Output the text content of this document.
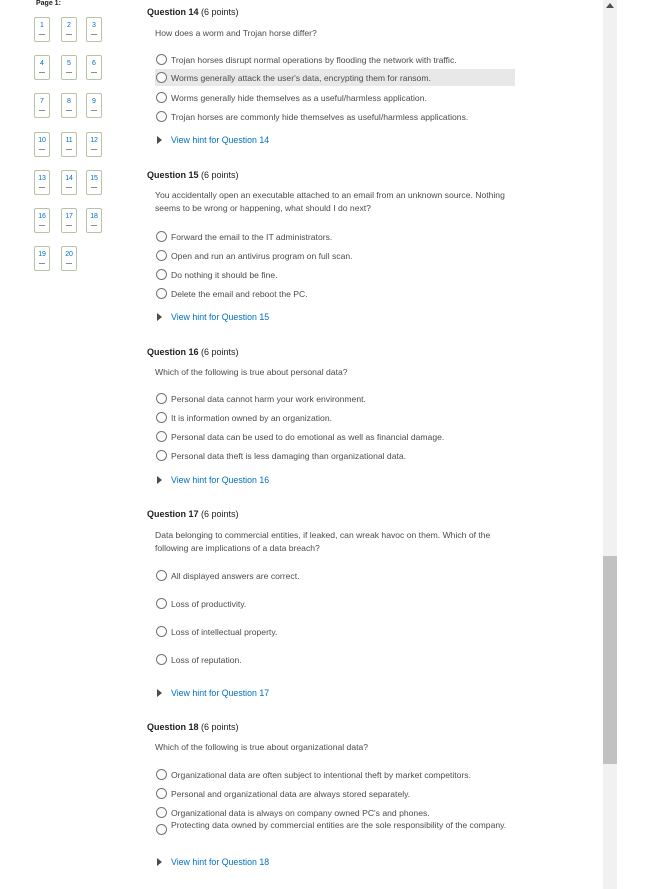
Page 1:
1	2	3
4	5	6
7	8	9
10	11	12
13	14	15
16	17	18
19	20
Question 14 (6 points)
How does a worm and Trojan horse differ?
Trojan horses disrupt normal operations by flooding the network with traffic.
Worms generally attack the user's data, encrypting them for ransom.
Worms generally hide themselves as a useful/harmless application.
Trojan horses are commonly hide themselves as useful/harmless applications.
View hint for Question 14
Question 15 (6 points)
You accidentally open an executable attached to an email from an unknown source. Nothing seems to be wrong or happening, what should I do next?
Forward the email to the IT administrators.
Open and run an antivirus program on full scan.
Do nothing it should be fine.
Delete the email and reboot the PC.
View hint for Question 15
Question 16 (6 points)
Which of the following is true about personal data?
Personal data cannot harm your work environment.
It is information owned by an organization.
Personal data can be used to do emotional as well as financial damage.
Personal data theft is less damaging than organizational data.
View hint for Question 16
Question 17 (6 points)
Data belonging to commercial entities, if leaked, can wreak havoc on them. Which of the following are implications of a data breach?
All displayed answers are correct.
Loss of productivity.
Loss of intellectual property.
Loss of reputation.
View hint for Question 17
Question 18 (6 points)
Which of the following is true about organizational data?
Organizational data are often subject to intentional theft by market competitors.
Personal and organizational data are always stored separately.
Organizational data is always on company owned PC's and phones.
Protecting data owned by commercial entities are the sole responsibility of the company.
View hint for Question 18
